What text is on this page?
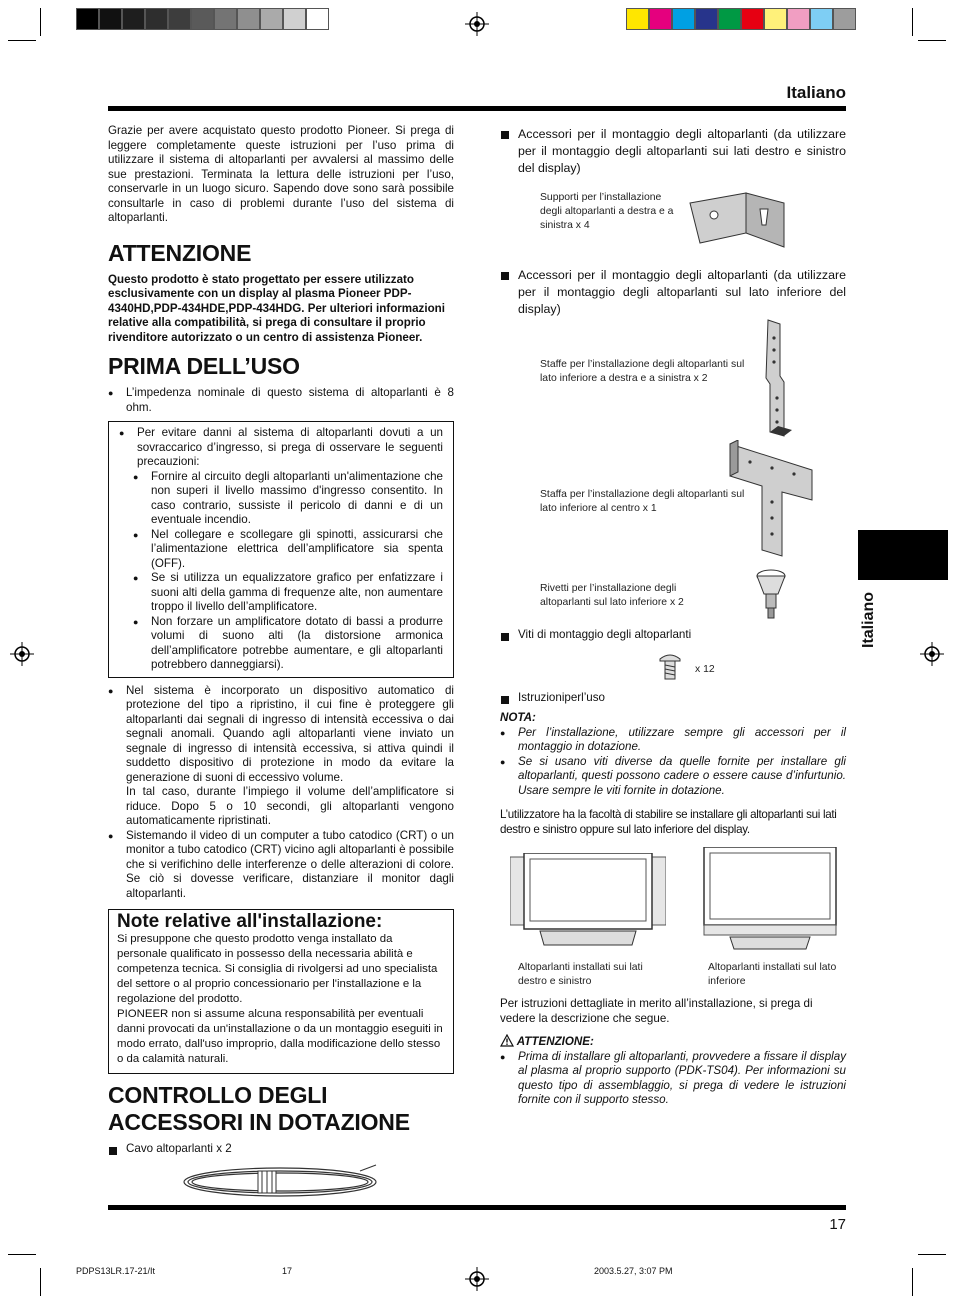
Italiano
Italiano

Grazie per avere acquistato questo prodotto Pioneer. Si prega di leggere completamente queste istruzioni per l’uso prima di utilizzare il sistema di altoparlanti per avvalersi al massimo delle sue prestazioni. Terminata la lettura delle istruzioni per l’uso, conservarle in un luogo sicuro. Sapendo dove sono sarà possibile consultarle in caso di problemi durante l’uso del sistema di altoparlanti.

ATTENZIONE

Questo prodotto è stato progettato per essere utilizzato esclusivamente con un display al plasma Pioneer PDP-4340HD,PDP-434HDE,PDP-434HDG. Per ulteriori informazioni relative alla compatibilità, si prega di consultare il proprio rivenditore autorizzato o un centro di assistenza Pioneer.

PRIMA DELL’USO

● L’impedenza nominale di questo sistema di altoparlanti è 8 ohm.

● Per evitare danni al sistema di altoparlanti dovuti a un sovraccarico d’ingresso, si prega di osservare le seguenti precauzioni:

● Fornire al circuito degli altoparlanti un'alimentazione che non superi il livello massimo d'ingresso consentito. In caso contrario, sussiste il pericolo di danni e di un eventuale incendio.

● Nel collegare e scollegare gli spinotti, assicurarsi che l’alimentazione elettrica dell’amplificatore sia spenta (OFF).

● Se si utilizza un equalizzatore grafico per enfatizzare i suoni alti della gamma di frequenze alte, non aumentare troppo il livello dell’amplificatore.

● Non forzare un amplificatore dotato di bassi a produrre volumi di suono alti (la distorsione armonica dell’amplificatore potrebbe aumentare, e gli altoparlanti potrebbero danneggiarsi).

● Nel sistema è incorporato un dispositivo automatico di protezione del tipo a ripristino, il cui fine è proteggere gli altoparlanti dai segnali di ingresso di intensità eccessiva o dai segnali anomali. Quando agli altoparlanti viene inviato un segnale di ingresso di intensità eccessiva, si attiva quindi il suddetto dispositivo di protezione in modo da evitare la generazione di suoni di eccessivo volume.

In tal caso, durante l’impiego il volume dell’amplificatore si riduce. Dopo 5 o 10 secondi, gli altoparlanti vengono automaticamente ripristinati.

● Sistemando il video di un computer a tubo catodico (CRT) o un monitor a tubo catodico (CRT) vicino agli altoparlanti è possibile che si verifichino delle interferenze o delle alterazioni di colore. Se ciò si dovesse verificare, distanziare il monitor dagli altoparlanti.

Note relative all'installazione:

Si presuppone che questo prodotto venga installato da personale qualificato in possesso della necessaria abilità e competenza tecnica. Si consiglia di rivolgersi ad uno specialista del settore o al proprio concessionario per l'installazione e la regolazione del prodotto.

PIONEER non si assume alcuna responsabilità per eventuali danni provocati da un'installazione o da un montaggio eseguiti in modo errato, dall'uso improprio, dalla modificazione dello stesso o da calamità naturali.

CONTROLLO DEGLI ACCESSORI IN DOTAZIONE

Cavo altoparlanti x 2

Accessori per il montaggio degli altoparlanti (da utilizzare per il montaggio degli altoparlanti sui lati destro e sinistro del display)

Supporti per l’installazione degli altoparlanti a destra e a sinistra x 4

Accessori per il montaggio degli altoparlanti (da utilizzare per il montaggio degli altoparlanti sul lato inferiore del display)

Staffe per l’installazione degli altoparlanti sul lato inferiore a destra e a sinistra x 2

Staffa per l’installazione degli altoparlanti sul lato inferiore al centro x 1

Rivetti per l’installazione degli altoparlanti sul lato inferiore x 2

Viti di montaggio degli altoparlanti

x 12

Istruzioniperl’uso

NOTA:

● Per l’installazione, utilizzare sempre gli accessori per il montaggio in dotazione.

● Se si usano viti diverse da quelle fornite per installare gli altoparlanti, questi possono cadere o essere cause d’infurtunio. Usare sempre le viti fornite in dotazione.

L’utilizzatore ha la facoltà di stabilire se installare gli altoparlanti sui lati destro e sinistro oppure sul lato inferiore del display.

Altoparlanti installati sui lati destro e sinistro

Altoparlanti installati sul lato inferiore

Per istruzioni dettagliate in merito all’installazione, si prega di vedere la descrizione che segue.

ATTENZIONE:

● Prima di installare gli altoparlanti, provvedere a fissare il display al plasma al proprio supporto (PDK-TS04). Per informazioni su questo tipo di assemblaggio, si prega di vedere le istruzioni fornite con il supporto stesso.

17
PDPS13LR.17-21/It	17	2003.5.27, 3:07 PM
